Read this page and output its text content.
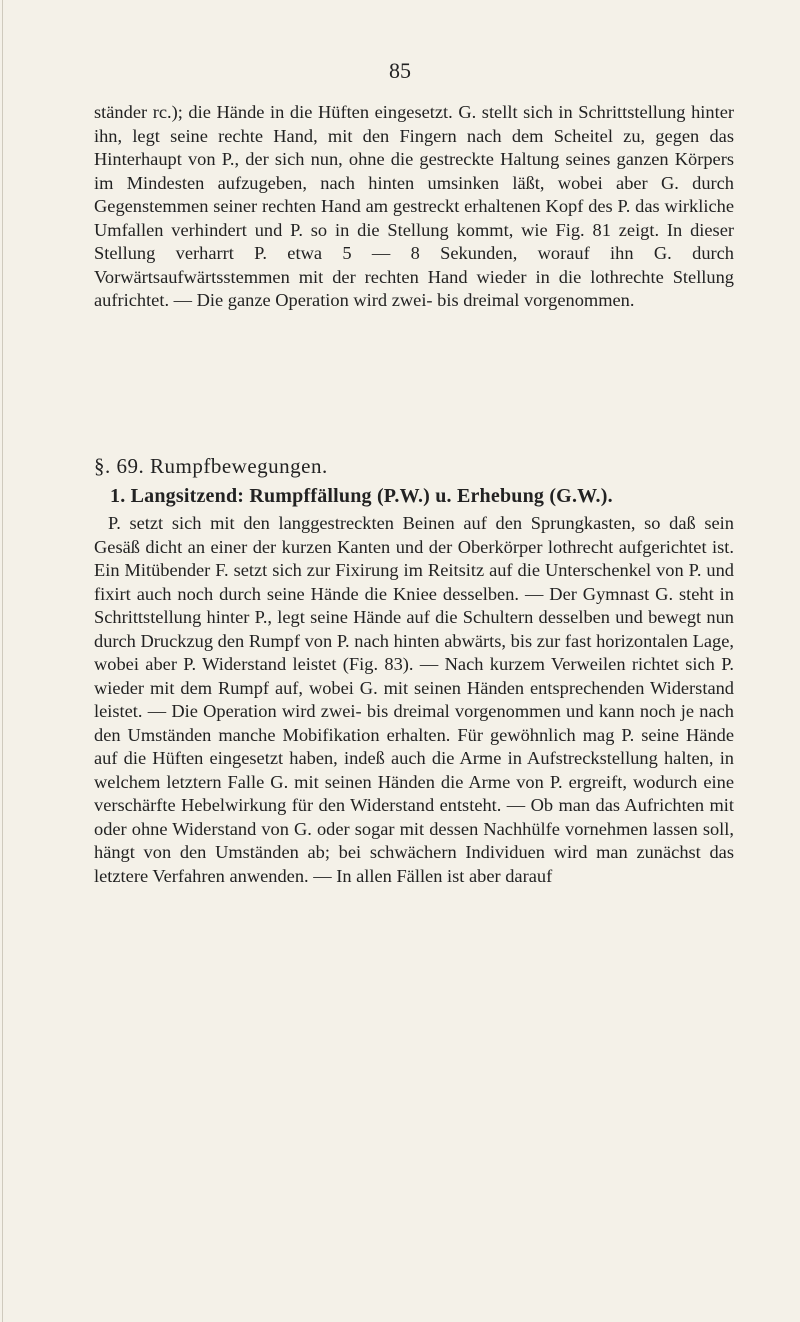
85
ständer rc.); die Hände in die Hüften eingesetzt. G. stellt sich in Schrittstellung hinter ihn, legt seine rechte Hand, mit den Fingern nach dem Scheitel zu, gegen das Hinterhaupt von P., der sich nun, ohne die gestreckte Haltung seines ganzen Körpers im Mindesten aufzugeben, nach hinten umsinken läßt, wobei aber G. durch Gegenstemmen seiner rechten Hand am gestreckt erhaltenen Kopf des P. das wirkliche Umfallen verhindert und P. so in die Stellung kommt, wie Fig. 81 zeigt. In dieser Stellung verharrt P. etwa 5 — 8 Sekunden, worauf ihn G. durch Vorwärtsaufwärtsstemmen mit der rechten Hand wieder in die lothrechte Stellung aufrichtet. — Die ganze Operation wird zwei- bis dreimal vorgenommen.
§. 69. Rumpfbewegungen.
1. Langsitzend: Rumpffällung (P.W.) u. Erhebung (G.W.).
P. setzt sich mit den langgestreckten Beinen auf den Sprungkasten, so daß sein Gesäß dicht an einer der kurzen Kanten und der Oberkörper lothrecht aufgerichtet ist. Ein Mitübender F. setzt sich zur Fixirung im Reitsitz auf die Unterschenkel von P. und fixirt auch noch durch seine Hände die Kniee desselben. — Der Gymnast G. steht in Schrittstellung hinter P., legt seine Hände auf die Schultern desselben und bewegt nun durch Druckzug den Rumpf von P. nach hinten abwärts, bis zur fast horizontalen Lage, wobei aber P. Widerstand leistet (Fig. 83). — Nach kurzem Verweilen richtet sich P. wieder mit dem Rumpf auf, wobei G. mit seinen Händen entsprechenden Widerstand leistet. — Die Operation wird zwei- bis dreimal vorgenommen und kann noch je nach den Umständen manche Mobifikation erhalten. Für gewöhnlich mag P. seine Hände auf die Hüften eingesetzt haben, indeß auch die Arme in Aufstreckstellung halten, in welchem letztern Falle G. mit seinen Händen die Arme von P. ergreift, wodurch eine verschärfte Hebelwirkung für den Widerstand entsteht. — Ob man das Aufrichten mit oder ohne Widerstand von G. oder sogar mit dessen Nachhülfe vornehmen lassen soll, hängt von den Umständen ab; bei schwächern Individuen wird man zunächst das letztere Verfahren anwenden. — In allen Fällen ist aber darauf
